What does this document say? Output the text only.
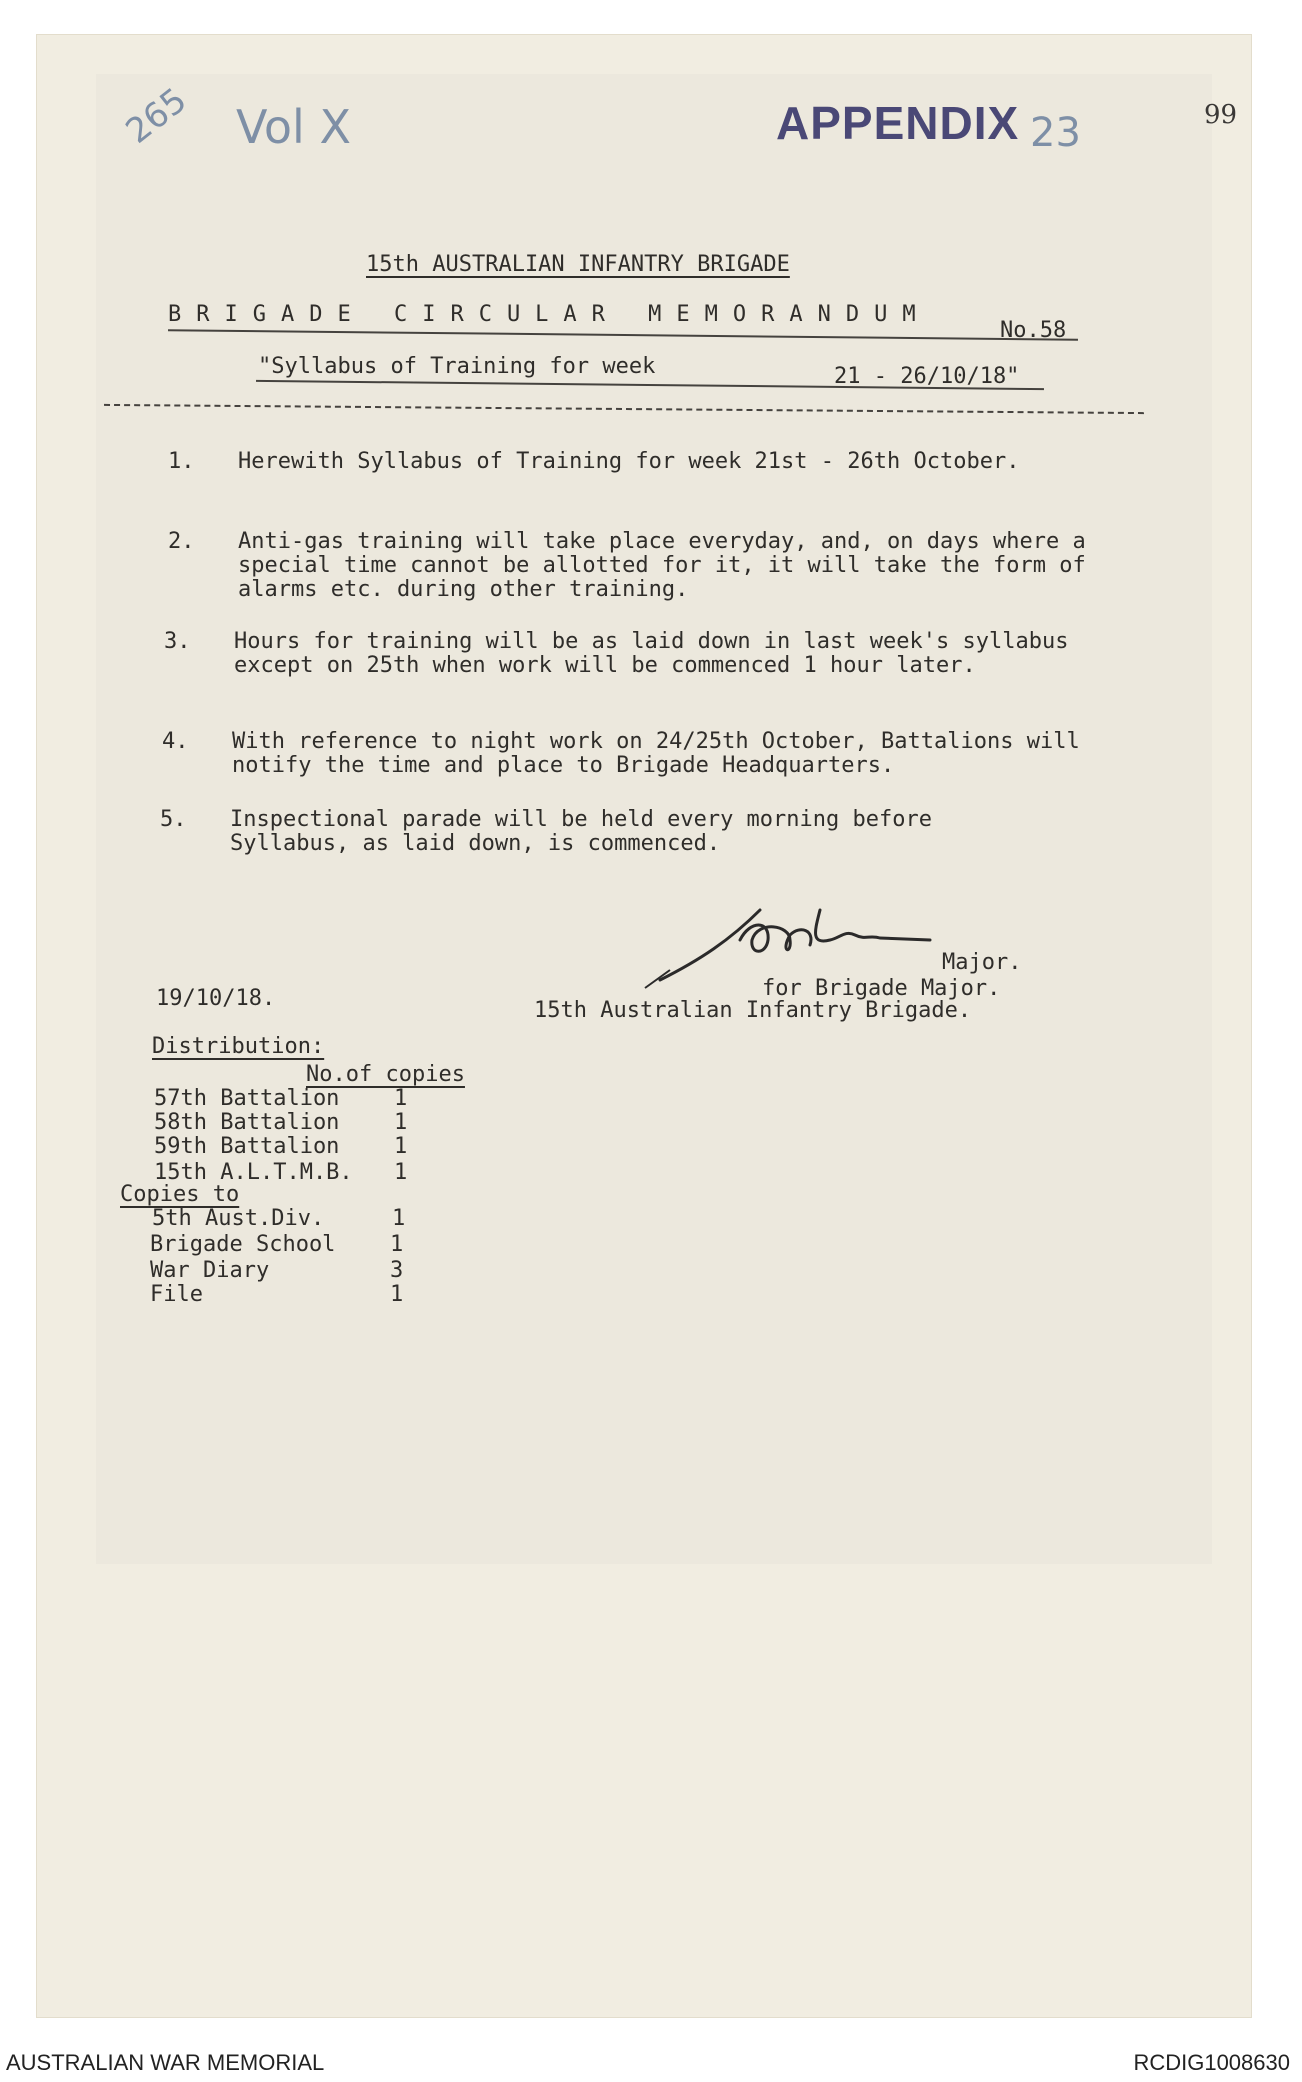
265 Vol X	APPENDIX 23	99
15th AUSTRALIAN INFANTRY BRIGADE
BRIGADE CIRCULAR MEMORANDUM
No.58
"Syllabus of Training for week	21 - 26/10/18"
1. Herewith Syllabus of Training for week 21st - 26th October.
2. Anti-gas training will take place everyday, and, on days where a special time cannot be allotted for it, it will take the form of alarms etc. during other training.
3. Hours for training will be as laid down in last week's syllabus except on 25th when work will be commenced 1 hour later.
4. With reference to night work on 24/25th October, Battalions will notify the time and place to Brigade Headquarters.
5. Inspectional parade will be held every morning before Syllabus, as laid down, is commenced.
Major.
for Brigade Major.
15th Australian Infantry Brigade.
19/10/18.
Distribution:
No.of copies
57th Battalion 1
58th Battalion 1
59th Battalion 1
15th A.L.T.M.B. 1
Copies to
5th Aust.Div.	1
Brigade School 1
War Diary	3
File	1
AUSTRALIAN WAR MEMORIAL	RCDIG1008630
